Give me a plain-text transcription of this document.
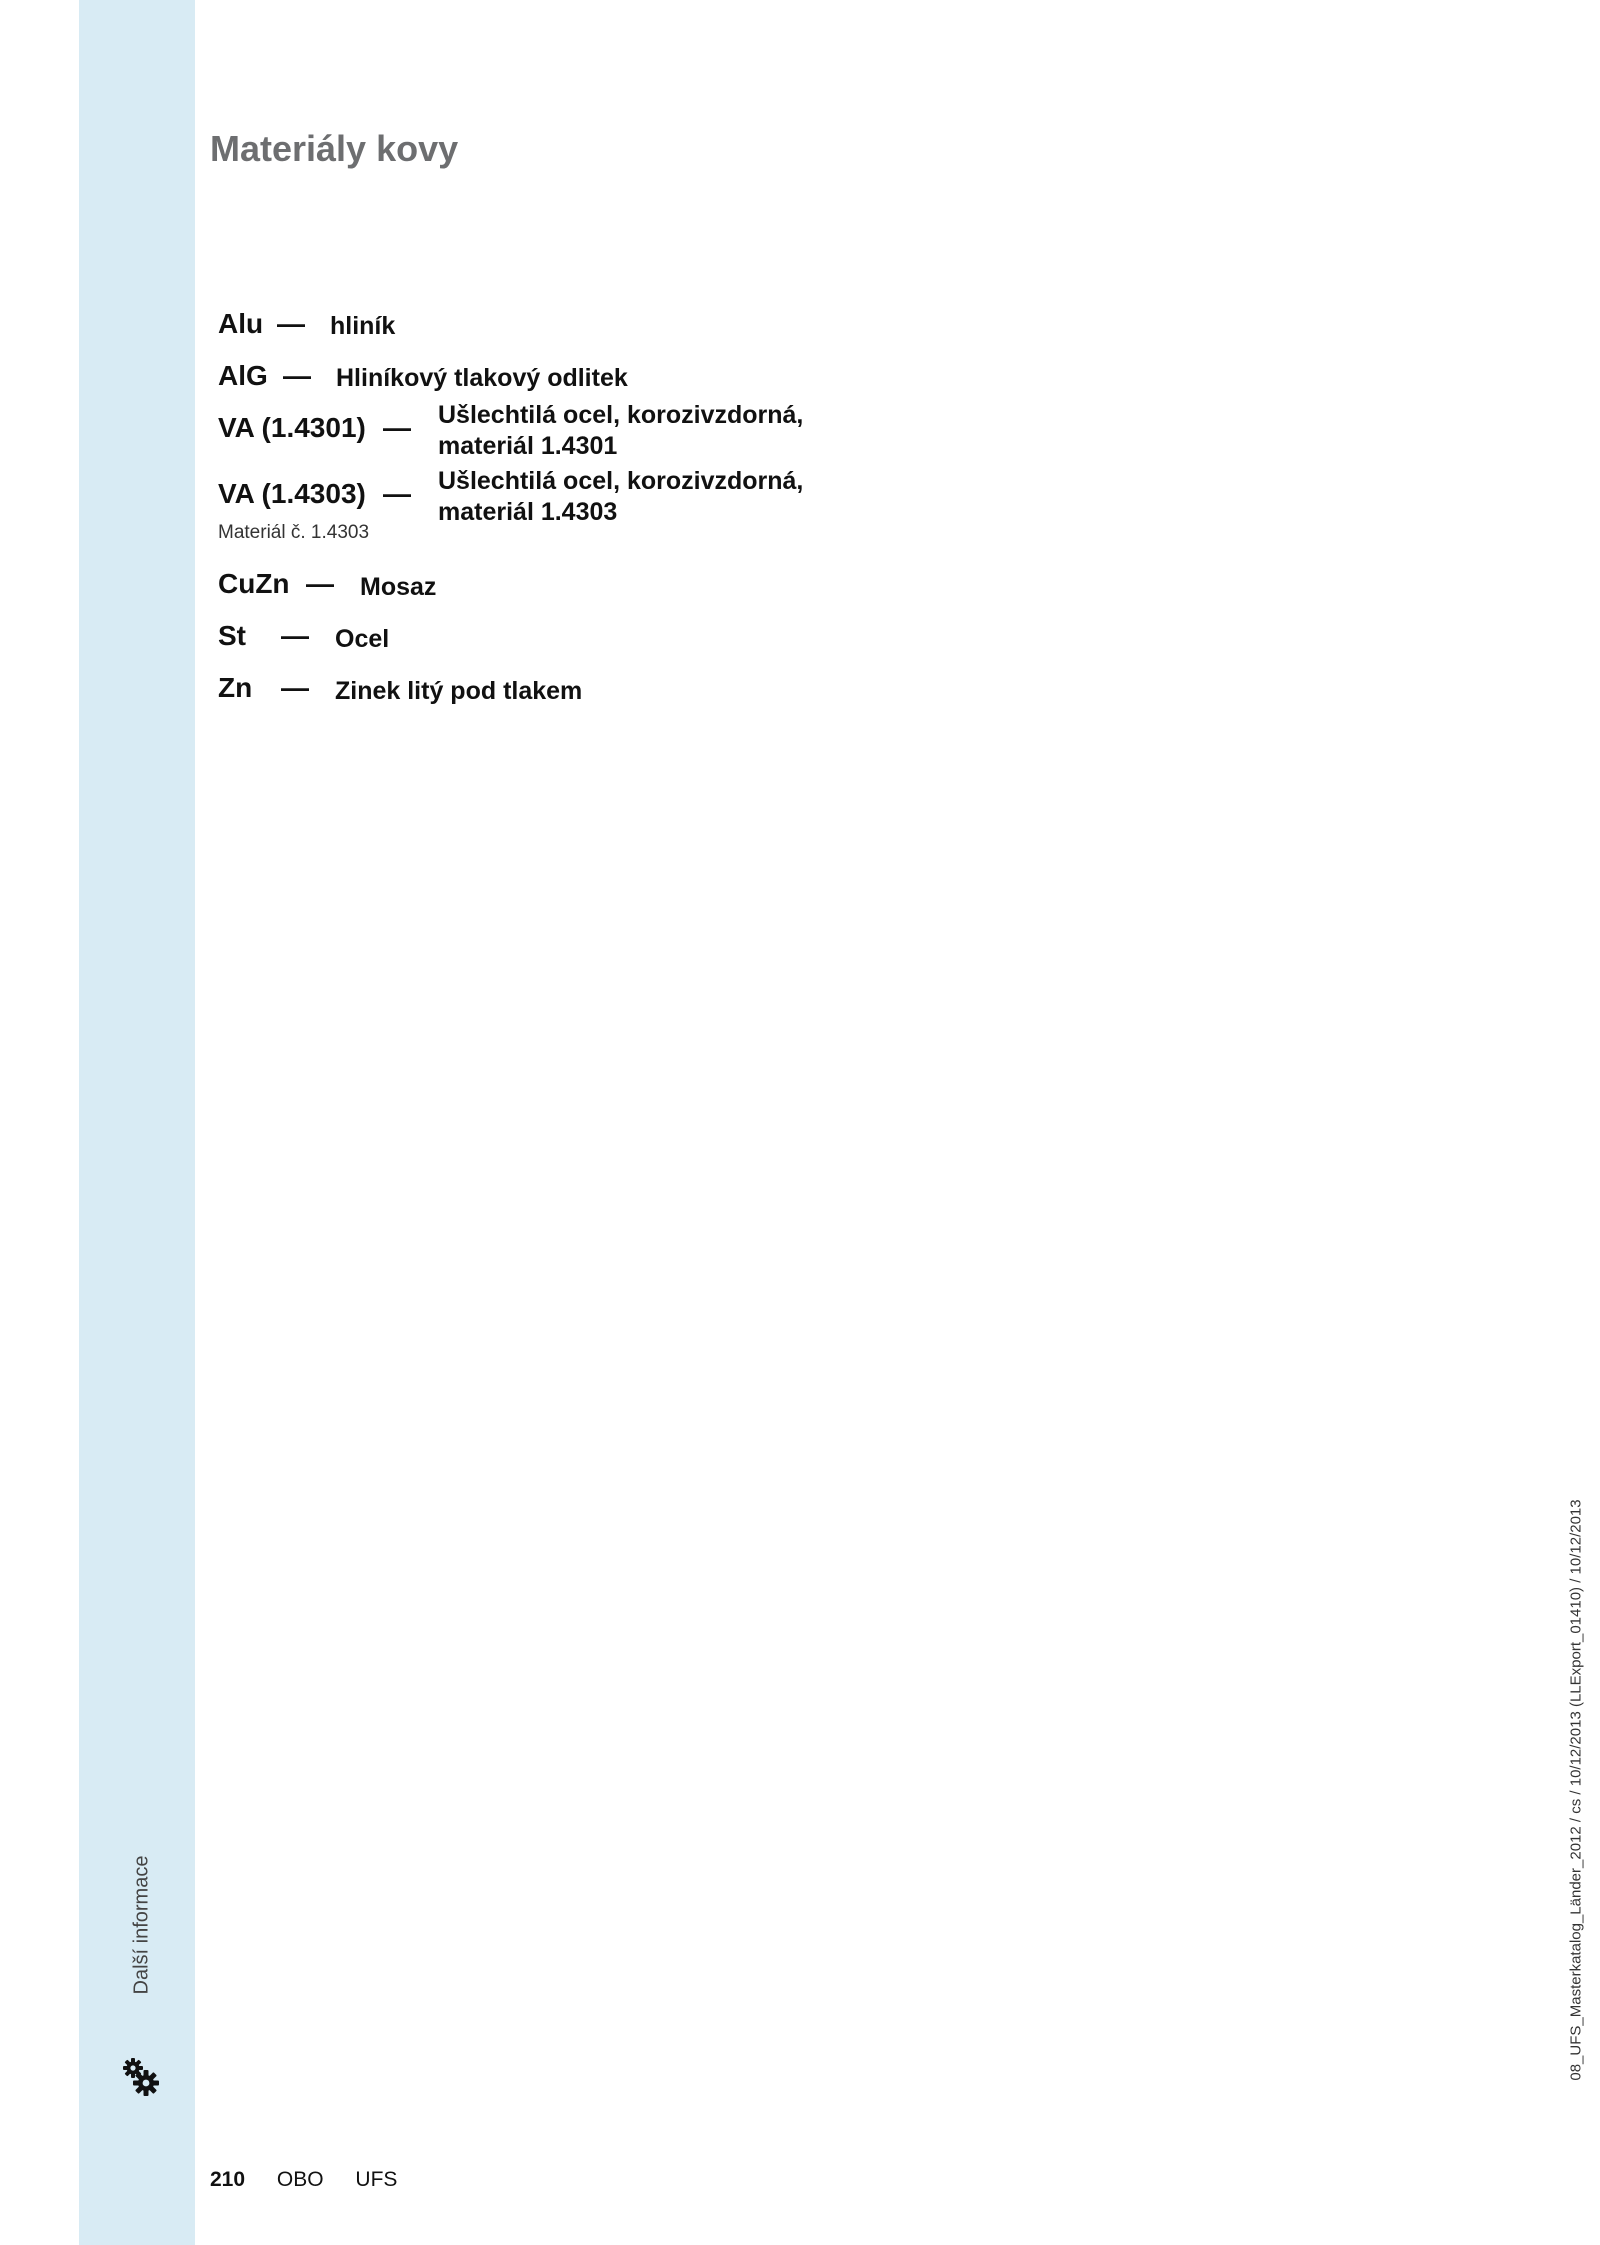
Další informace
Materiály kovy
Alu — hliník
AlG — Hliníkový tlakový odlitek
VA (1.4301) — Ušlechtilá ocel, korozivzdorná,
materiál 1.4301
VA (1.4303) — Ušlechtilá ocel, korozivzdorná,
materiál 1.4303
Materiál č. 1.4303
CuZn — Mosaz
St — Ocel
Zn — Zinek litý pod tlakem
210 OBO UFS
08_UFS_Masterkatalog_Länder_2012 / cs / 10/12/2013 (LLExport_01410) / 10/12/2013
